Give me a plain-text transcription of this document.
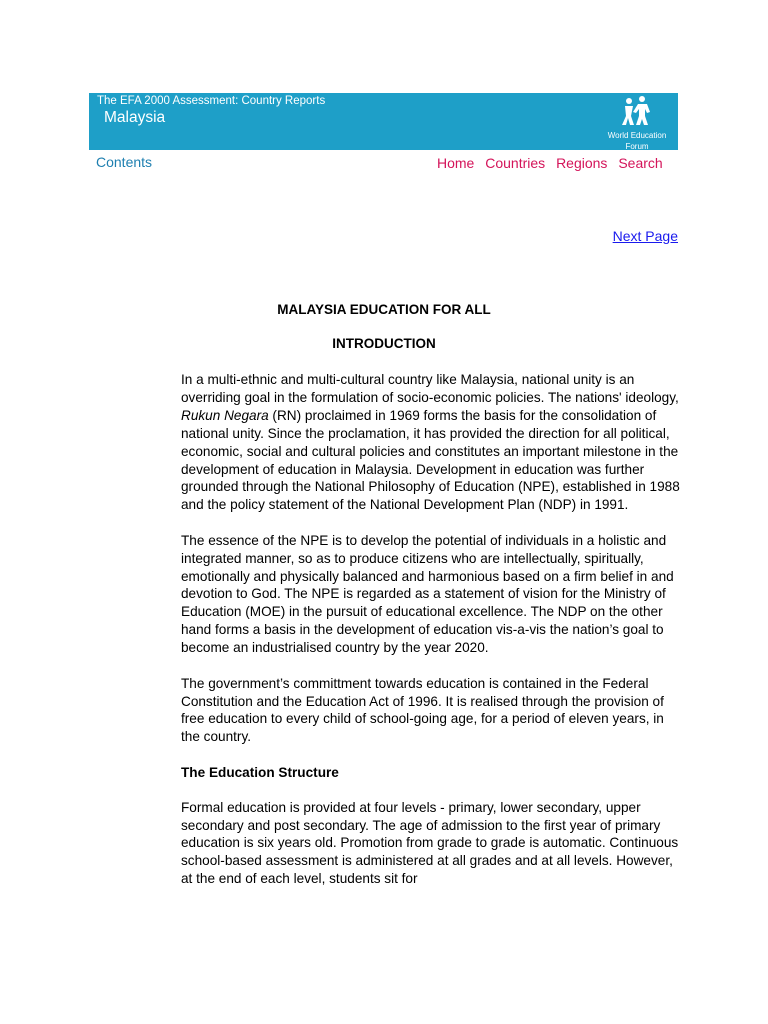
The EFA 2000 Assessment: Country Reports
Malaysia
World Education Forum
Contents	Home Countries Regions Search
Next Page
MALAYSIA EDUCATION FOR ALL
INTRODUCTION

In a multi-ethnic and multi-cultural country like Malaysia, national unity is an overriding goal in the formulation of socio-economic policies. The nations' ideology, Rukun Negara (RN) proclaimed in 1969 forms the basis for the consolidation of national unity. Since the proclamation, it has provided the direction for all political, economic, social and cultural policies and constitutes an important milestone in the development of education in Malaysia. Development in education was further grounded through the National Philosophy of Education (NPE), established in 1988 and the policy statement of the National Development Plan (NDP) in 1991.

The essence of the NPE is to develop the potential of individuals in a holistic and integrated manner, so as to produce citizens who are intellectually, spiritually, emotionally and physically balanced and harmonious based on a firm belief in and devotion to God. The NPE is regarded as a statement of vision for the Ministry of Education (MOE) in the pursuit of educational excellence. The NDP on the other hand forms a basis in the development of education vis-a-vis the nation’s goal to become an industrialised country by the year 2020.

The government’s committment towards education is contained in the Federal Constitution and the Education Act of 1996. It is realised through the provision of free education to every child of school-going age, for a period of eleven years, in the country.

The Education Structure

Formal education is provided at four levels - primary, lower secondary, upper secondary and post secondary. The age of admission to the first year of primary education is six years old. Promotion from grade to grade is automatic. Continuous school-based assessment is administered at all grades and at all levels. However, at the end of each level, students sit for
